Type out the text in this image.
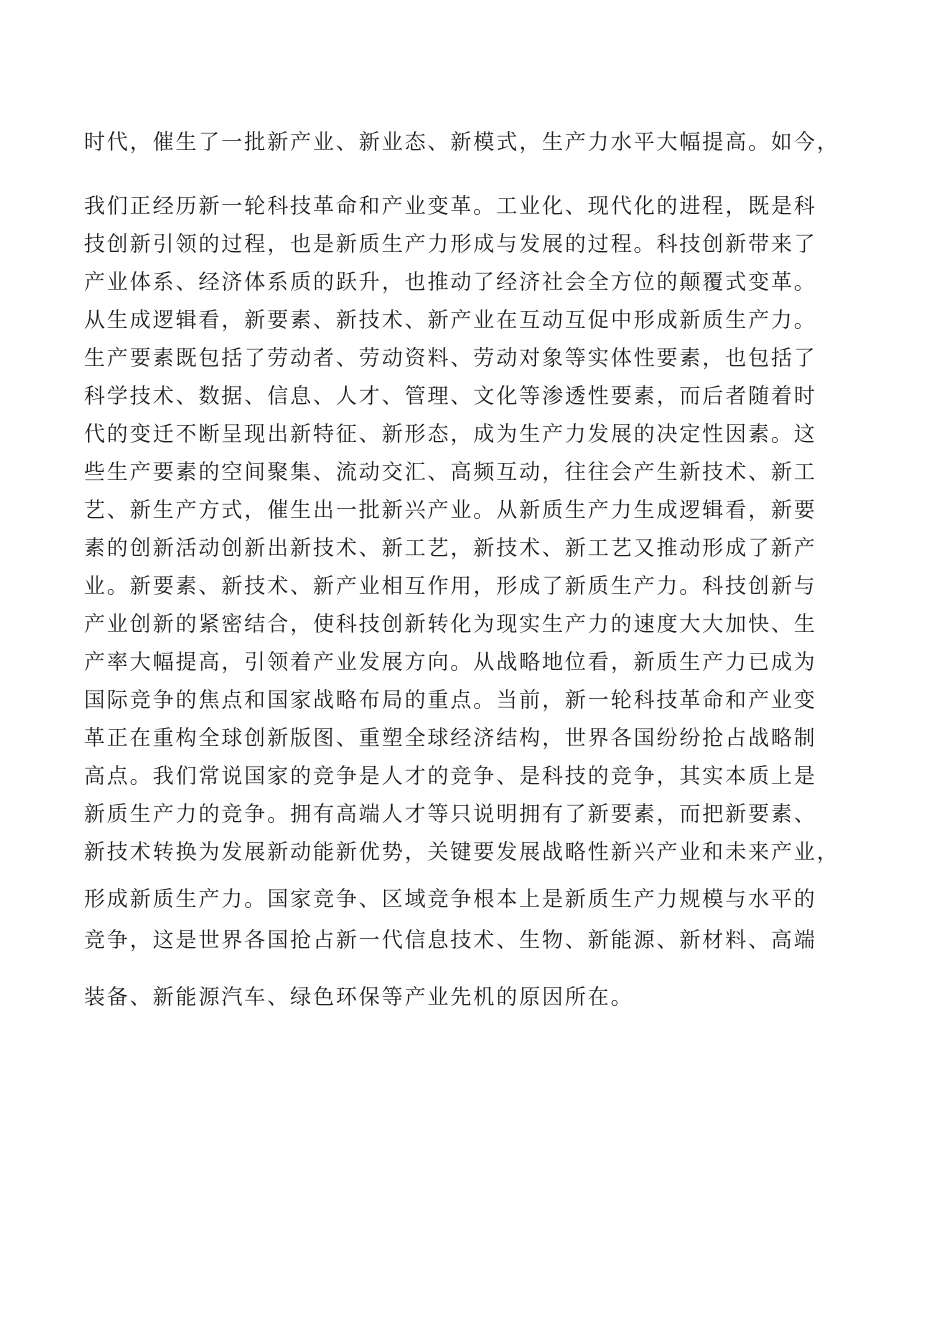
时代，催生了一批新产业、新业态、新模式，生产力水平大幅提高。如今，
我们正经历新一轮科技革命和产业变革。工业化、现代化的进程，既是科
技创新引领的过程，也是新质生产力形成与发展的过程。科技创新带来了
产业体系、经济体系质的跃升，也推动了经济社会全方位的颠覆式变革。
从生成逻辑看，新要素、新技术、新产业在互动互促中形成新质生产力。
生产要素既包括了劳动者、劳动资料、劳动对象等实体性要素，也包括了
科学技术、数据、信息、人才、管理、文化等渗透性要素，而后者随着时
代的变迁不断呈现出新特征、新形态，成为生产力发展的决定性因素。这
些生产要素的空间聚集、流动交汇、高频互动，往往会产生新技术、新工
艺、新生产方式，催生出一批新兴产业。从新质生产力生成逻辑看，新要
素的创新活动创新出新技术、新工艺，新技术、新工艺又推动形成了新产
业。新要素、新技术、新产业相互作用，形成了新质生产力。科技创新与
产业创新的紧密结合，使科技创新转化为现实生产力的速度大大加快、生
产率大幅提高，引领着产业发展方向。从战略地位看，新质生产力已成为
国际竞争的焦点和国家战略布局的重点。当前，新一轮科技革命和产业变
革正在重构全球创新版图、重塑全球经济结构，世界各国纷纷抢占战略制
高点。我们常说国家的竞争是人才的竞争、是科技的竞争，其实本质上是
新质生产力的竞争。拥有高端人才等只说明拥有了新要素，而把新要素、
新技术转换为发展新动能新优势，关键要发展战略性新兴产业和未来产业，
形成新质生产力。国家竞争、区域竞争根本上是新质生产力规模与水平的
竞争，这是世界各国抢占新一代信息技术、生物、新能源、新材料、高端
装备、新能源汽车、绿色环保等产业先机的原因所在。
